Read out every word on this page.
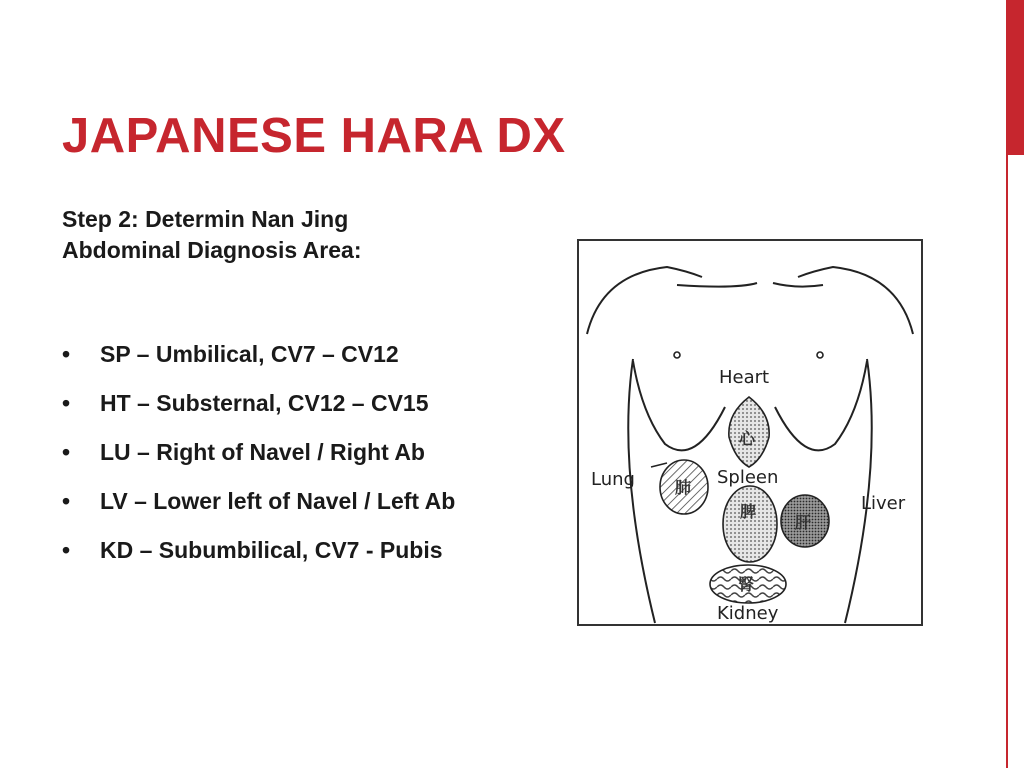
JAPANESE HARA DX
Step 2: Determin Nan Jing
Abdominal Diagnosis Area:
• SP – Umbilical, CV7 – CV12
• HT – Substernal, CV12 – CV15
• LU – Right of Navel / Right Ab
• LV – Lower left of Navel / Left Ab
• KD – Subumbilical, CV7 - Pubis
心
肺
脾
肝
腎
Heart
Spleen
Lung
Liver
Kidney
